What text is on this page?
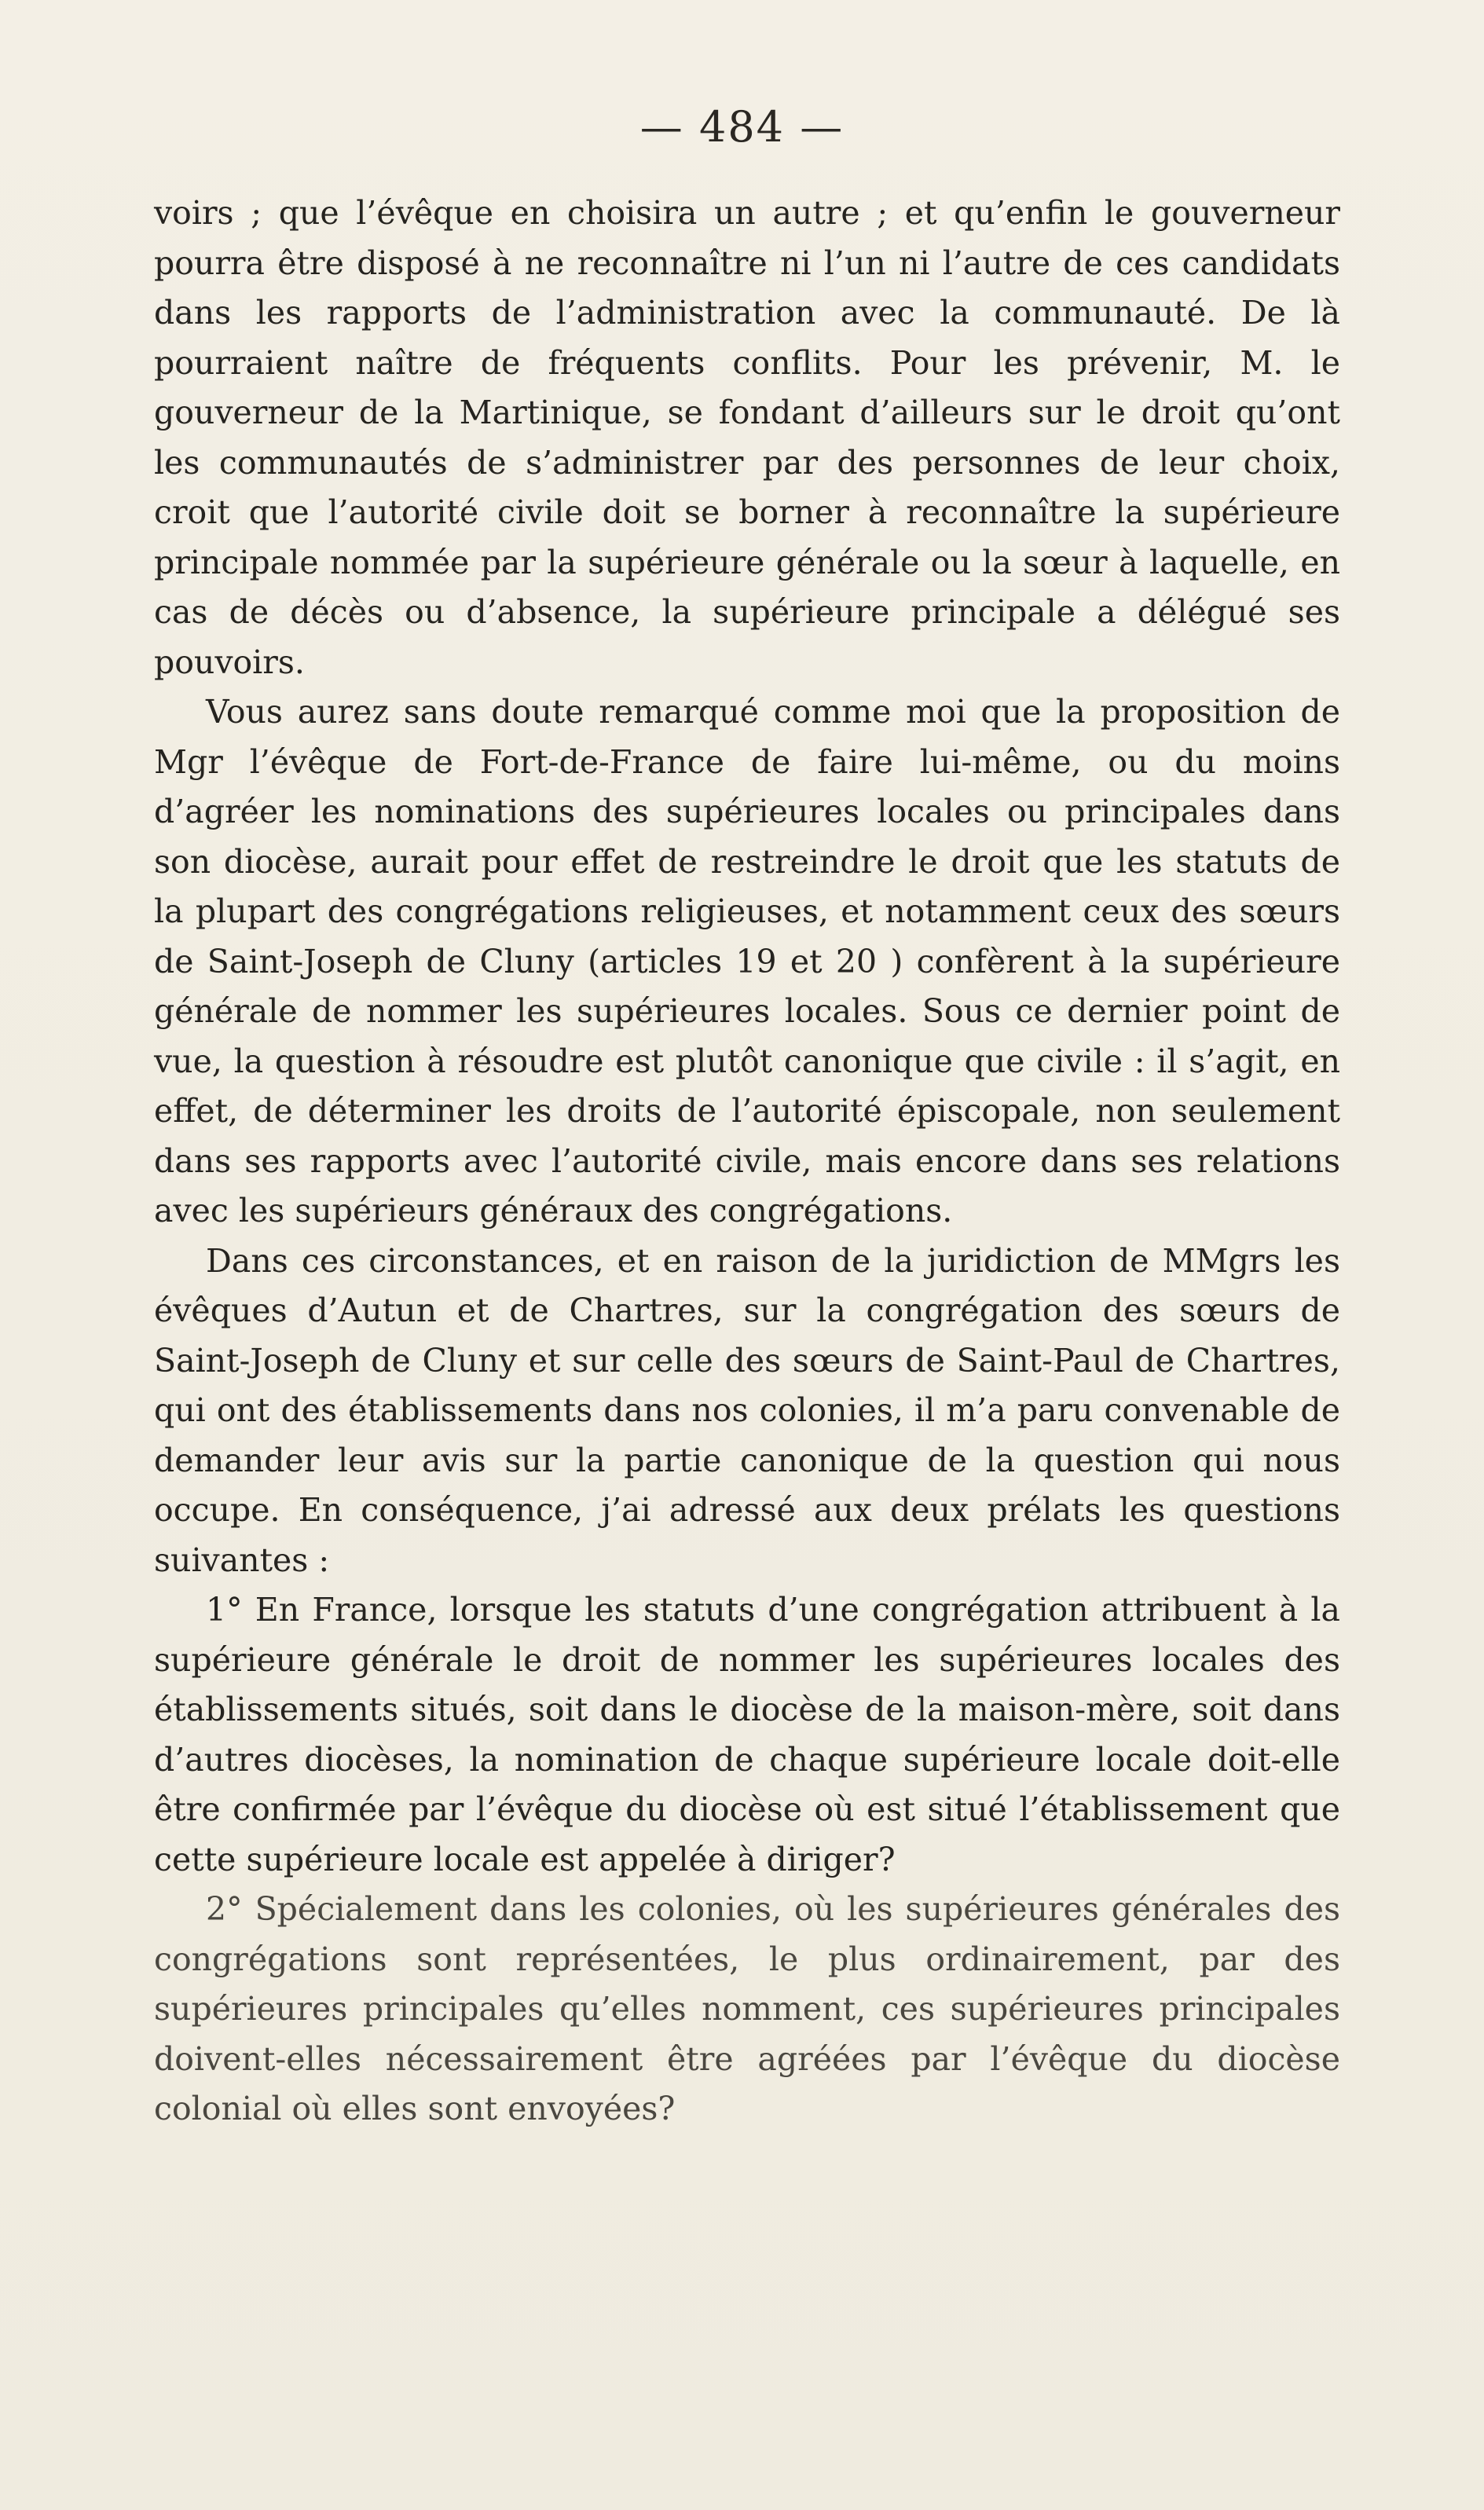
— 484 —

voirs ; que l’évêque en choisira un autre ; et qu’enfin le gouverneur pourra être disposé à ne reconnaître ni l’un ni l’autre de ces candidats dans les rapports de l’administration avec la communauté. De là pourraient naître de fréquents conflits. Pour les prévenir, M. le gouverneur de la Martinique, se fondant d’ailleurs sur le droit qu’ont les communautés de s’administrer par des personnes de leur choix, croit que l’autorité civile doit se borner à reconnaître la supérieure principale nommée par la supérieure générale ou la sœur à laquelle, en cas de décès ou d’absence, la supérieure principale a délégué ses pouvoirs.

Vous aurez sans doute remarqué comme moi que la proposition de Mgr l’évêque de Fort-de-France de faire lui-même, ou du moins d’agréer les nominations des supérieures locales ou principales dans son diocèse, aurait pour effet de restreindre le droit que les statuts de la plupart des congrégations religieuses, et notamment ceux des sœurs de Saint-Joseph de Cluny (articles 19 et 20 ) confèrent à la supérieure générale de nommer les supérieures locales. Sous ce dernier point de vue, la question à résoudre est plutôt canonique que civile : il s’agit, en effet, de déterminer les droits de l’autorité épiscopale, non seulement dans ses rapports avec l’autorité civile, mais encore dans ses relations avec les supérieurs généraux des congrégations.

Dans ces circonstances, et en raison de la juridiction de MMgrs les évêques d’Autun et de Chartres, sur la congrégation des sœurs de Saint-Joseph de Cluny et sur celle des sœurs de Saint-Paul de Chartres, qui ont des établissements dans nos colonies, il m’a paru convenable de demander leur avis sur la partie canonique de la question qui nous occupe. En conséquence, j’ai adressé aux deux prélats les questions suivantes :

1° En France, lorsque les statuts d’une congrégation attribuent à la supérieure générale le droit de nommer les supérieures locales des établissements situés, soit dans le diocèse de la maison-mère, soit dans d’autres diocèses, la nomination de chaque supérieure locale doit-elle être confirmée par l’évêque du diocèse où est situé l’établissement que cette supérieure locale est appelée à diriger?

2° Spécialement dans les colonies, où les supérieures générales des congrégations sont représentées, le plus ordinairement, par des supérieures principales qu’elles nomment, ces supérieures principales doivent-elles nécessairement être agréées par l’évêque du diocèse colonial où elles sont envoyées?
